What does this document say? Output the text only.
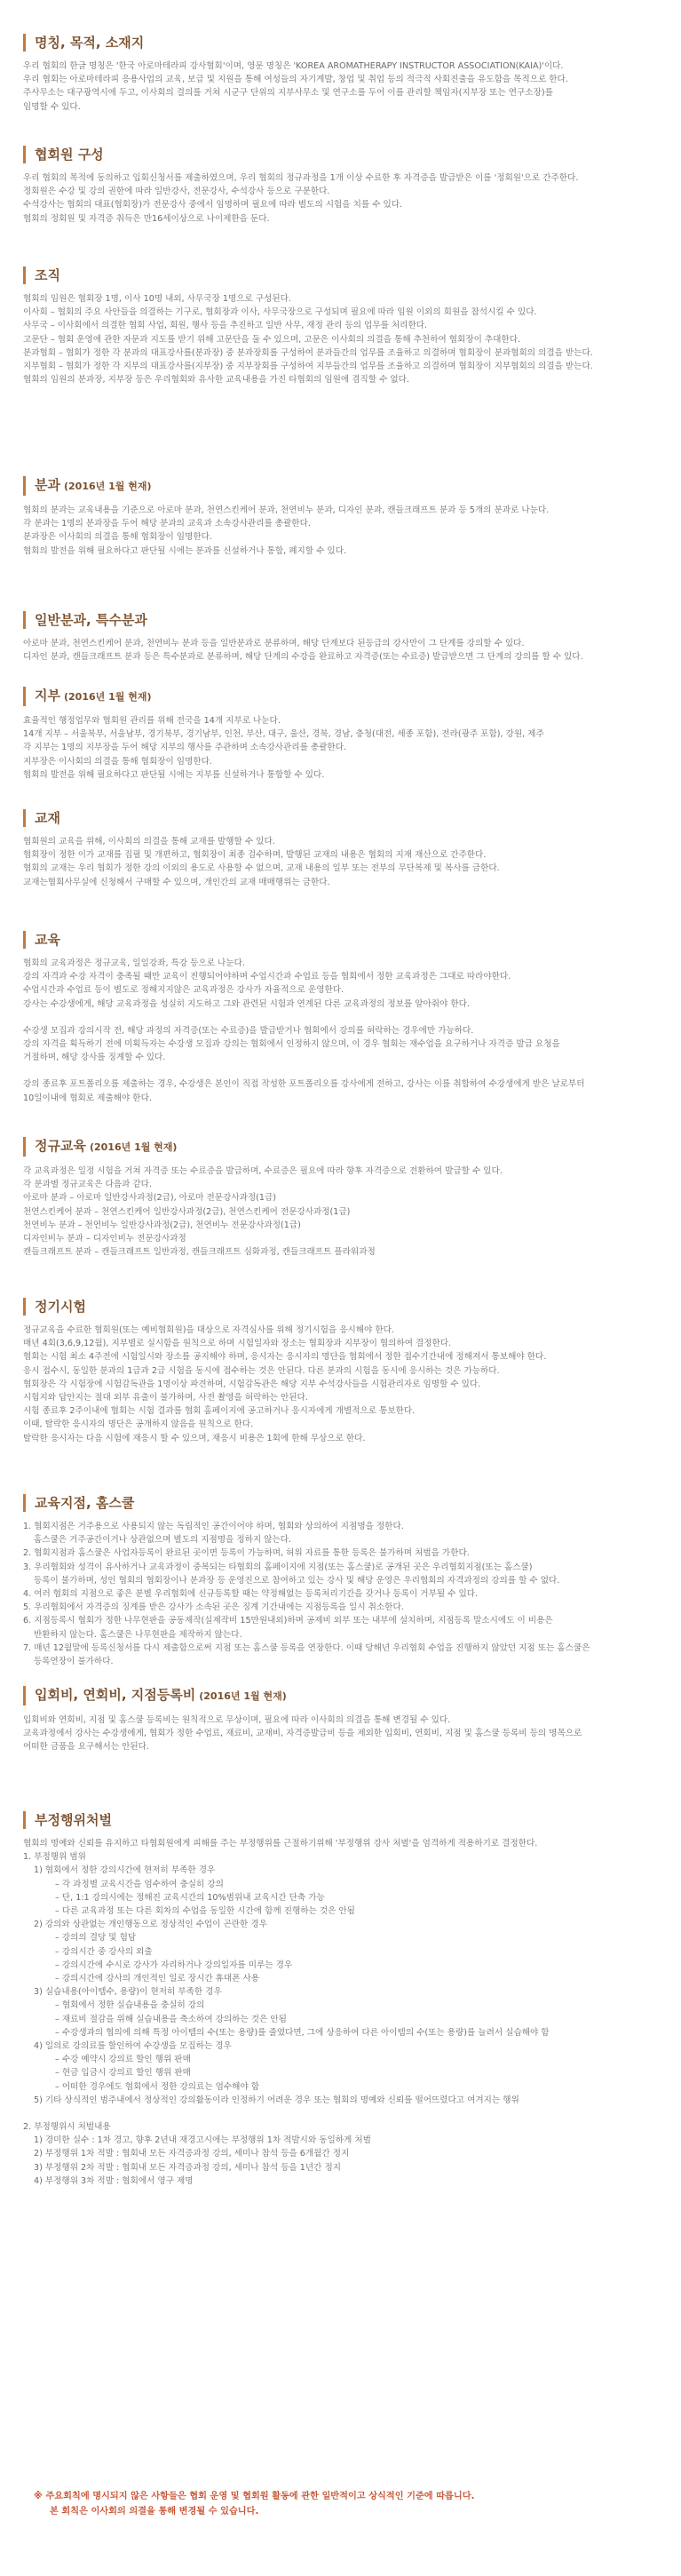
명칭, 목적, 소재지
우리 협회의 한글 명칭은 '한국 아로마테라피 강사협회'이며, 영문 명칭은 'KOREA AROMATHERAPY INSTRUCTOR ASSOCIATION(KAIA)'이다.
우리 협회는 아로마테라피 응용사업의 교육, 보급 및 지원을 통해 여성들의 자기계발, 창업 및 취업 등의 적극적 사회진출을 유도함을 목적으로 한다.
주사무소는 대구광역시에 두고, 이사회의 결의를 거쳐 시군구 단위의 지부사무소 및 연구소를 두어 이를 관리할 책임자(지부장 또는 연구소장)를
임명할 수 있다.
협회원 구성
우리 협회의 목적에 동의하고 입회신청서를 제출하였으며, 우리 협회의 정규과정을 1개 이상 수료한 후 자격증을 발급받은 이를 '정회원'으로 간주한다.
정회원은 수강 및 강의 권한에 따라 일반강사, 전문강사, 수석강사 등으로 구분한다.
수석강사는 협회의 대표(협회장)가 전문강사 중에서 임명하며 필요에 따라 별도의 시험을 치를 수 있다.
협회의 정회원 및 자격증 취득은 만16세이상으로 나이제한을 둔다.
조직
협회의 임원은 협회장 1명, 이사 10명 내외, 사무국장 1명으로 구성된다.
이사회 – 협회의 주요 사안들을 의결하는 기구로, 협회장과 이사, 사무국장으로 구성되며 필요에 따라 임원 이외의 회원을 참석시킬 수 있다.
사무국 – 이사회에서 의결한 협회 사업, 회원, 행사 등을 추진하고 일반 사무, 재정 관리 등의 업무를 처리한다.
고문단 – 협회 운영에 관한 자문과 지도를 받기 위해 고문단을 둘 수 있으며, 고문은 이사회의 의결을 통해 추천하여 협회장이 추대한다.
분과협회 – 협회가 정한 각 분과의 대표강사를(분과장) 중 분과장회를 구성하여 분과들간의 업무를 조율하고 의결하며 협회장이 분과협회의 의결을 받는다.
지부협회 – 협회가 정한 각 지부의 대표강사를(지부장) 중 지부장회를 구성하여 지부들간의 업무를 조율하고 의결하며 협회장이 지부협회의 의결을 받는다.
협회의 임원의 분과장, 지부장 등은 우리협회와 유사한 교육내용을 가진 타협회의 임원에 겸직할 수 없다.
분과 (2016년 1월 현재)
협회의 분과는 교육내용을 기준으로 아로마 분과, 천연스킨케어 분과, 천연비누 분과, 디자인 분과, 캔들크래프트 분과 등 5개의 분과로 나눈다.
각 분과는 1명의 분과장을 두어 해당 분과의 교육과 소속강사관리를 총괄한다.
분과장은 이사회의 의결을 통해 협회장이 임명한다.
협회의 발전을 위해 필요하다고 판단될 시에는 분과를 신설하거나 통합, 폐지할 수 있다.
일반분과, 특수분과
아로마 분과, 천연스킨케어 분과, 천연비누 분과 등을 일반분과로 분류하며, 해당 단계보다 된등급의 강사만이 그 단계를 강의할 수 있다.
디자인 분과, 캔들크래프트 분과 등은 특수분과로 분류하며, 해당 단계의 수강을 완료하고 자격증(또는 수료증) 발급받으면 그 단계의 강의를 할 수 있다.
지부 (2016년 1월 현재)
효율적인 행정업무와 협회원 관리를 위해 전국을 14개 지부로 나눈다.
14개 지부 – 서울북부, 서울남부, 경기북부, 경기남부, 인천, 부산, 대구, 울산, 경북, 경남, 충청(대전, 세종 포함), 전라(광주 포함), 강원, 제주
각 지부는 1명의 지부장을 두어 해당 지부의 행사를 주관하며 소속강사관리를 총괄한다.
지부장은 이사회의 의결을 통해 협회장이 임명한다.
협회의 발전을 위해 필요하다고 판단될 시에는 지부를 신설하거나 통합할 수 있다.
교재
협회원의 교육을 위해, 이사회의 의결을 통해 교재를 발행할 수 있다.
협회장이 정한 이가 교재를 집필 및 개편하고, 협회장이 최종 검수하며, 발행된 교재의 내용은 협회의 지재 재산으로 간주한다.
협회의 교재는 우리 협회가 정한 강의 이외의 용도로 사용할 수 없으며, 교재 내용의 일부 또는 전부의 무단복제 및 복사를 금한다.
교재는협회사무실에 신청해서 구매할 수 있으며, 개인간의 교재 매매행위는 금한다.
교육
협회의 교육과정은 정규교육, 일일강좌, 특강 등으로 나눈다.
강의 자격과 수강 자격이 충족될 때만 교육이 진행되어야하며 수업시간과 수업료 등을 협회에서 정한 교육과정은 그대로 따라야한다.
수업시간과 수업료 등이 별도로 정해지지않은 교육과정은 강사가 자율적으로 운영한다.
강사는 수강생에게, 해당 교육과정을 성실히 지도하고 그와 관련된 시험과 연계된 다른 교육과정의 정보를 알아줘야 한다.
수강생 모집과 강의시작 전, 해당 과정의 자격증(또는 수료증)을 발급받거나 협회에서 강의를 허락하는 경우에만 가능하다.
강의 자격을 획득하기 전에 미획득자는 수강생 모집과 강의는 협회에서 인정하지 않으며, 이 경우 협회는 재수업을 요구하거나 자격증 발급 요청을
거절하며, 해당 강사를 징계할 수 있다.
강의 종료후 포트폴리오를 제출하는 경우, 수강생은 본인이 직접 작성한 포트폴리오를 강사에게 전하고, 강사는 이를 취합하여 수강생에게 받은 날로부터
10일이내에 협회로 제출해야 한다.
정규교육 (2016년 1월 현재)
각 교육과정은 일정 시험을 거쳐 자격증 또는 수료증을 발급하며, 수료증은 필요에 따라 향후 자격증으로 전환하여 발급할 수 있다.
각 분과별 정규교육은 다음과 같다.
아로마 분과 – 아로마 일반강사과정(2급), 아로마 전문강사과정(1급)
천연스킨케어 분과 – 천연스킨케어 일반강사과정(2급), 천연스킨케어 전문강사과정(1급)
천연비누 분과 – 천연비누 일반강사과정(2급), 천연비누 전문강사과정(1급)
디자인비누 분과 – 디자인비누 전문강사과정
캔들크래프트 분과 – 캔들크래프트 일반과정, 캔들크래프트 심화과정, 캔들크래프트 플라워과정
정기시험
정규교육을 수료한 협회원(또는 예비협회원)을 대상으로 자격심사를 위해 정기시험을 응시해야 한다.
매년 4회(3,6,9,12월), 지부별로 실시함을 원칙으로 하며 시험일자와 장소는 협회장과 지부장이 협의하여 결정한다.
협회는 시험 최소 4주전에 시험일시와 장소를 공지해야 하며, 응시자는 응시자의 명단을 협회에서 정한 접수기간내에 정해져서 통보해야 한다.
응시 접수시, 동일한 분과의 1급과 2급 시험을 동시에 접수하는 것은 안된다. 다른 분과의 시험을 동시에 응시하는 것은 가능하다.
협회장은 각 시험장에 시험감독관을 1명이상 파견하며, 시험감독관은 해당 지부 수석강사들을 시험관리자로 임명할 수 있다.
시험지와 답안지는 절대 외부 유출이 불가하며, 사전 촬영을 허락하는 안된다.
시험 종료후 2주이내에 협회는 시험 결과를 협회 홈페이지에 공고하거나 응시자에게 개별적으로 통보한다.
이때, 탈락한 응시자의 명단은 공개하지 않음을 원칙으로 한다.
탈락한 응시자는 다음 시험에 재응시 할 수 있으며, 재응시 비용은 1회에 한해 무상으로 한다.
교육지점, 홈스쿨
1. 협회지점은 거주용으로 사용되지 않는 독립적인 공간이어야 하며, 협회와 상의하여 지점명을 정한다.
홈스쿨은 거주공간이거나 상관없으며 별도의 지점명을 정하지 않는다.
2. 협회지점과 홈스쿨은 사업자등록이 완료된 곳이면 등록이 가능하며, 허위 자료를 통한 등록은 불가하며 처벌을 가한다.
3. 우리협회와 성격이 유사하거나 교육과정이 중복되는 타협회의 홈페이지에 지점(또는 홈스쿨)로 공개된 곳은 우리협회지점(또는 홈스쿨)
등록이 불가하며, 성인 협회의 협회장이나 분과장 등 운영진으로 참여하고 있는 강사 및 해당 운영은 우리협회의 자격과정의 강의를 할 수 없다.
4. 여러 협회의 지점으로 좋은 분별 우리협회에 신규등록할 때는 약정해없는 등록처리기간을 갖거나 등록이 거부될 수 있다.
5. 우리협회에서 자격증의 징계를 받은 강사가 소속된 곳은 징계 기간내에는 지점등록을 일시 취소한다.
6. 지점등록시 협회가 정한 나무현판을 공동제작(실제작비 15만원내외)하며 공제비 외부 또는 내부에 설치하며, 지점등록 말소시에도 이 비용은
반환하지 않는다. 홈스쿨은 나무현판을 제작하지 않는다.
7. 매년 12월말에 등록신청서를 다시 제출함으로써 지점 또는 홈스쿨 등록을 연장한다. 이때 당해년 우리협회 수업을 진행하지 않았던 지점 또는 홈스쿨은
등록연장이 불가하다.
입회비, 연회비, 지점등록비 (2016년 1월 현재)
입회비와 연회비, 지점 및 홈스쿨 등록비는 원칙적으로 무상이며, 필요에 따라 이사회의 의결을 통해 변경될 수 있다.
교육과정에서 강사는 수강생에게, 협회가 정한 수업료, 재료비, 교재비, 자격증발급비 등을 제외한 입회비, 연회비, 지점 및 홈스쿨 등록비 등의 명목으로
어떠한 금품을 요구해서는 안된다.
부정행위처벌
협회의 명예와 신뢰를 유지하고 타협회원에게 피해를 주는 부정행위를 근절하기위해 '부정행위 강사 처벌'을 엄격하게 적용하기로 결정한다.
1. 부정행위 범위
1) 협회에서 정한 강의시간에 현저히 부족한 경우
– 각 과정별 교육시간을 엄수하여 충실히 강의
– 단, 1:1 강의시에는 정해진 교육시간의 10%범위내 교육시간 단축 가능
– 다른 교육과정 또는 다른 회차의 수업을 동일한 시간에 함께 진행하는 것은 안됨
2) 강의와 상관없는 개인행동으로 정상적인 수업이 곤란한 경우
– 강의의 결당 및 험담
– 강의시간 중 강사의 외출
– 강의시간에 수시로 강사가 자리하거나 강의일자를 미루는 경우
– 강의시간에 강사의 개인적인 일로 장시간 휴대폰 사용
3) 실습내용(아이템수, 용량)이 현저히 부족한 경우
– 협회에서 정한 실습내용을 충실히 강의
– 재료비 절감을 위해 실습내용을 축소하여 강의하는 것은 안됨
– 수강생과의 협의에 의해 특정 아이템의 수(또는 용량)를 줄였다면, 그에 상응하여 다른 아이템의 수(또는 용량)를 늘려서 실습해야 함
4) 일의로 강의료를 할인하여 수강생을 모집하는 경우
– 수강 예약시 강의료 할인 행위 판매
– 현금 입금시 강의료 할인 행위 판매
– 어떠한 경우에도 협회에서 정한 강의료는 엄수해야 함
5) 기타 상식적인 범주내에서 정상적인 강의활동이라 인정하기 어려운 경우 또는 협회의 명예와 신뢰를 떨어뜨렸다고 여겨지는 행위
2. 부정행위시 처벌내용
1) 경미한 실수 : 1차 경고, 향후 2년내 재경고시에는 부정행위 1차 적발시와 동일하게 처벌
2) 부정행위 1차 적발 : 협회내 모든 자격증과정 강의, 세미나 참석 등을 6개월간 정지
3) 부정행위 2차 적발 : 협회내 모든 자격증과정 강의, 세미나 참석 등을 1년간 정지
4) 부정행위 3차 적발 : 협회에서 영구 제명
※ 주요회칙에 명시되지 않은 사항들은 협회 운영 및 협회원 활동에 관한 일반적이고 상식적인 기준에 따릅니다.
본 회칙은 이사회의 의결을 통해 변경될 수 있습니다.
